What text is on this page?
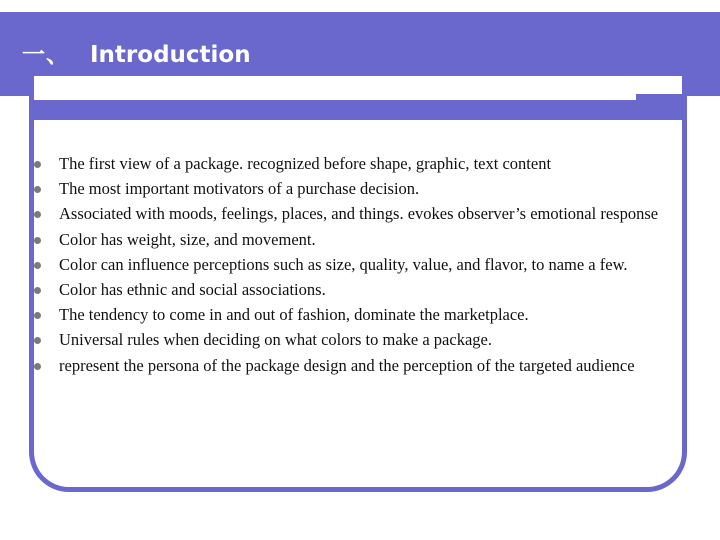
一、 Introduction
The first view of a package. recognized before shape, graphic, text content
The most important motivators of a purchase decision.
Associated with moods, feelings, places, and things. evokes observer’s emotional response
Color has weight, size, and movement.
Color can influence perceptions such as size, quality, value, and flavor, to name a few.
Color has ethnic and social associations.
The tendency to come in and out of fashion, dominate the marketplace.
Universal rules when deciding on what colors to make a package.
represent the persona of the package design and the perception of the targeted audience
